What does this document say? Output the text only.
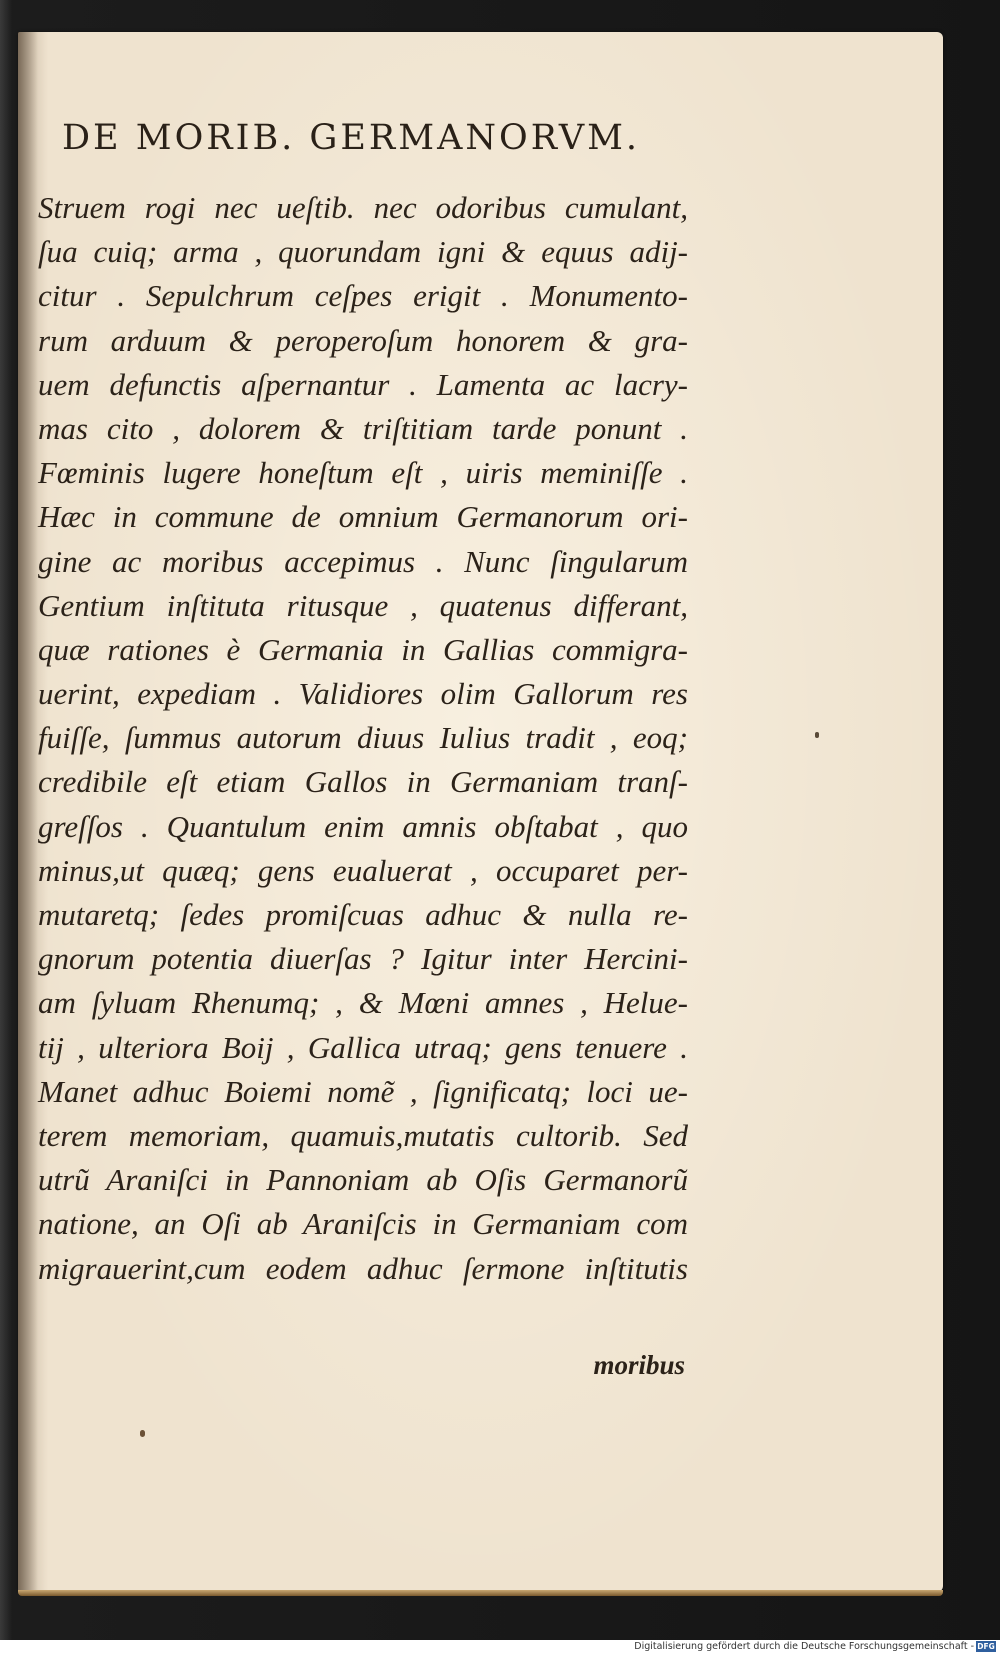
DE MORIB. GERMANORVM.
Struem rogi nec ueſtib. nec odoribus cumulant,
ſua cuiq; arma , quorundam igni & equus adij-
citur . Sepulchrum ceſpes erigit . Monumento-
rum arduum & peroperoſum honorem & gra-
uem defunctis aſpernantur . Lamenta ac lacry-
mas cito , dolorem & triſtitiam tarde ponunt .
Fœminis lugere honeſtum eſt , uiris meminiſſe .
Hæc in commune de omnium Germanorum ori-
gine ac moribus accepimus . Nunc ſingularum
Gentium inſtituta ritusque , quatenus differant,
quæ rationes è Germania in Gallias commigra-
uerint, expediam . Validiores olim Gallorum res
fuiſſe, ſummus autorum diuus Iulius tradit , eoq;
credibile eſt etiam Gallos in Germaniam tranſ-
greſſos . Quantulum enim amnis obſtabat , quo
minus,ut quæq; gens eualuerat , occuparet per-
mutaretq; ſedes promiſcuas adhuc & nulla re-
gnorum potentia diuerſas ? Igitur inter Hercini-
am ſyluam Rhenumq; , & Mœni amnes , Helue-
tij , ulteriora Boij , Gallica utraq; gens tenuere .
Manet adhuc Boiemi nomẽ , ſignificatq; loci ue-
terem memoriam, quamuis,mutatis cultorib. Sed
utrũ Araniſci in Pannoniam ab Oſis Germanorũ
natione, an Oſi ab Araniſcis in Germaniam com
migrauerint,cum eodem adhuc ſermone inſtitutis
moribus
Digitalisierung gefördert durch die Deutsche Forschungsgemeinschaft - DFG
